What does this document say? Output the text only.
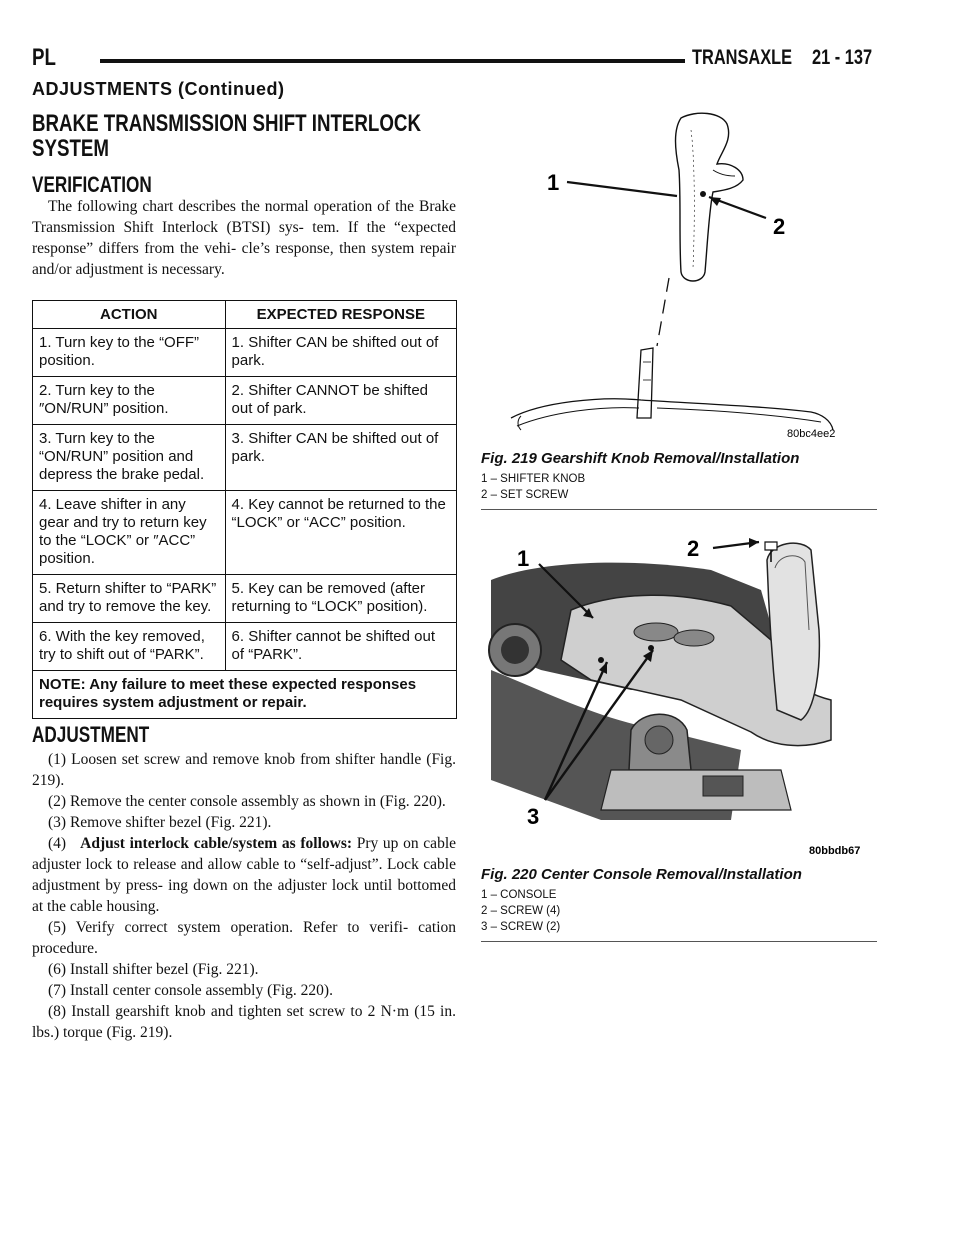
PL	TRANSAXLE 21 - 137
ADJUSTMENTS (Continued)
BRAKE TRANSMISSION SHIFT INTERLOCK
SYSTEM
VERIFICATION
The following chart describes the normal operation of the Brake Transmission Shift Interlock (BTSI) sys- tem. If the “expected response” differs from the vehi- cle’s response, then system repair and/or adjustment is necessary.
ACTION	EXPECTED RESPONSE
1. Turn key to the “OFF” position.	1. Shifter CAN be shifted out of park.
2. Turn key to the ″ON/RUN” position.	2. Shifter CANNOT be shifted out of park.
3. Turn key to the “ON/RUN” position and depress the brake pedal.	3. Shifter CAN be shifted out of park.
4. Leave shifter in any gear and try to return key to the “LOCK” or ″ACC” position.	4. Key cannot be returned to the “LOCK” or “ACC” position.
5. Return shifter to “PARK” and try to remove the key.	5. Key can be removed (after returning to “LOCK” position).
6. With the key removed, try to shift out of “PARK”.	6. Shifter cannot be shifted out of “PARK”.
NOTE: Any failure to meet these expected responses requires system adjustment or repair.	
ADJUSTMENT
(1) Loosen set screw and remove knob from shifter handle (Fig. 219).
(2) Remove the center console assembly as shown in (Fig. 220).
(3) Remove shifter bezel (Fig. 221).
(4) Adjust interlock cable/system as follows: Pry up on cable adjuster lock to release and allow cable to “self-adjust”. Lock cable adjustment by press- ing down on the adjuster lock until bottomed at the cable housing.
(5) Verify correct system operation. Refer to verifi- cation procedure.
(6) Install shifter bezel (Fig. 221).
(7) Install center console assembly (Fig. 220).
(8) Install gearshift knob and tighten set screw to 2 N·m (15 in. lbs.) torque (Fig. 219).
1
2
80bc4ee2
Fig. 219 Gearshift Knob Removal/Installation
1 – SHIFTER KNOB
2 – SET SCREW
1	2
3
80bbdb67
Fig. 220 Center Console Removal/Installation
1 – CONSOLE
2 – SCREW (4)
3 – SCREW (2)
